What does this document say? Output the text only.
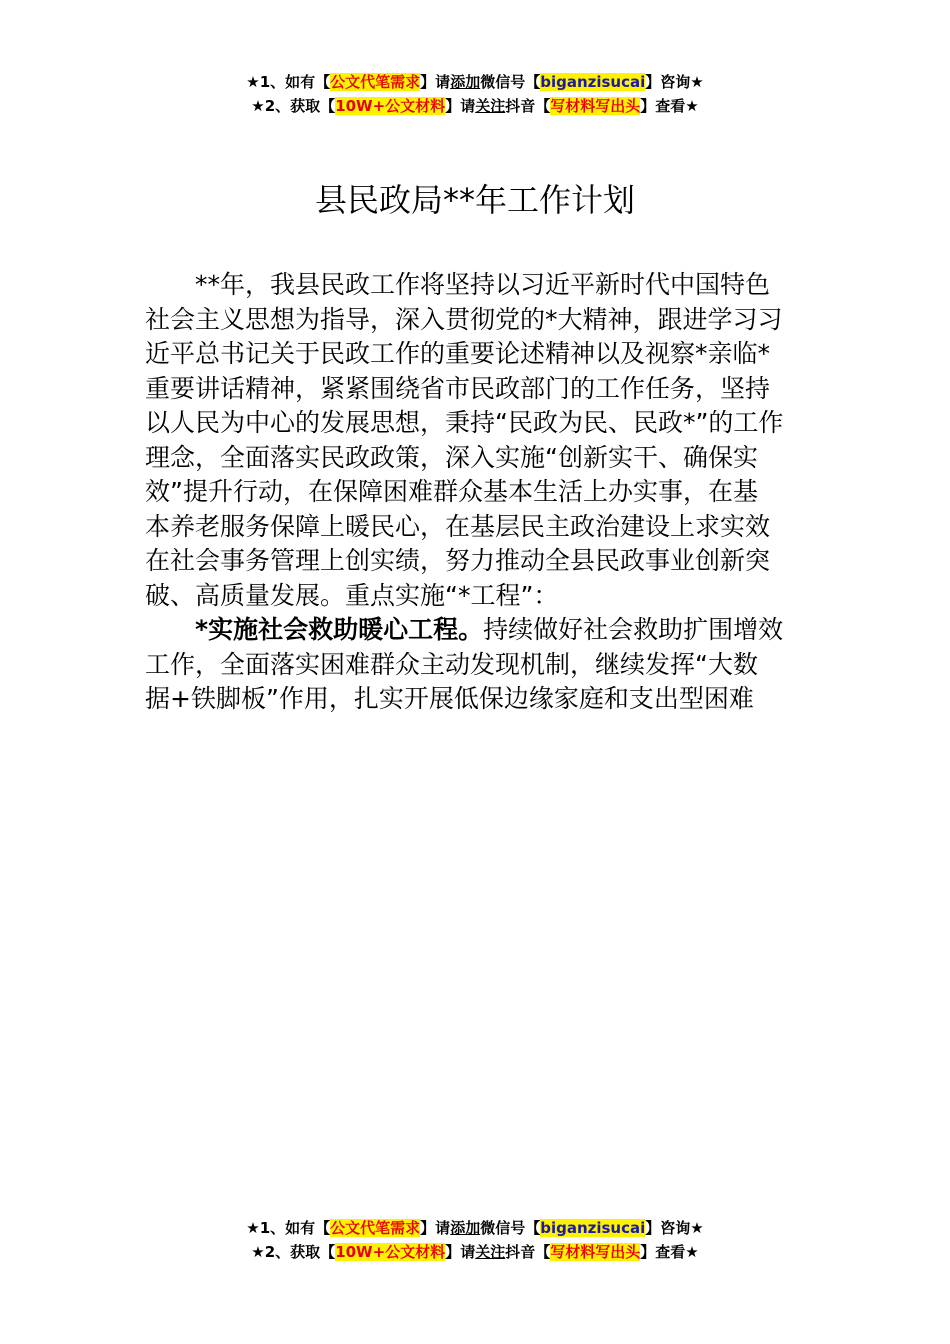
★1、如有【公文代笔需求】请添加微信号【biganzisucai】咨询★
★2、获取【10W+公文材料】请关注抖音【写材料写出头】查看★
县民政局**年工作计划
**年，我县民政工作将坚持以习近平新时代中国特色
社会主义思想为指导，深入贯彻党的*大精神，跟进学习习
近平总书记关于民政工作的重要论述精神以及视察*亲临*
重要讲话精神，紧紧围绕省市民政部门的工作任务，坚持
以人民为中心的发展思想，秉持“民政为民、民政*”的工作
理念，全面落实民政政策，深入实施“创新实干、确保实
效”提升行动，在保障困难群众基本生活上办实事，在基
本养老服务保障上暖民心，在基层民主政治建设上求实效
在社会事务管理上创实绩，努力推动全县民政事业创新突
破、高质量发展。重点实施“*工程”：
*实施社会救助暖心工程。持续做好社会救助扩围增效
工作，全面落实困难群众主动发现机制，继续发挥“大数
据+铁脚板”作用，扎实开展低保边缘家庭和支出型困难
★1、如有【公文代笔需求】请添加微信号【biganzisucai】咨询★
★2、获取【10W+公文材料】请关注抖音【写材料写出头】查看★
